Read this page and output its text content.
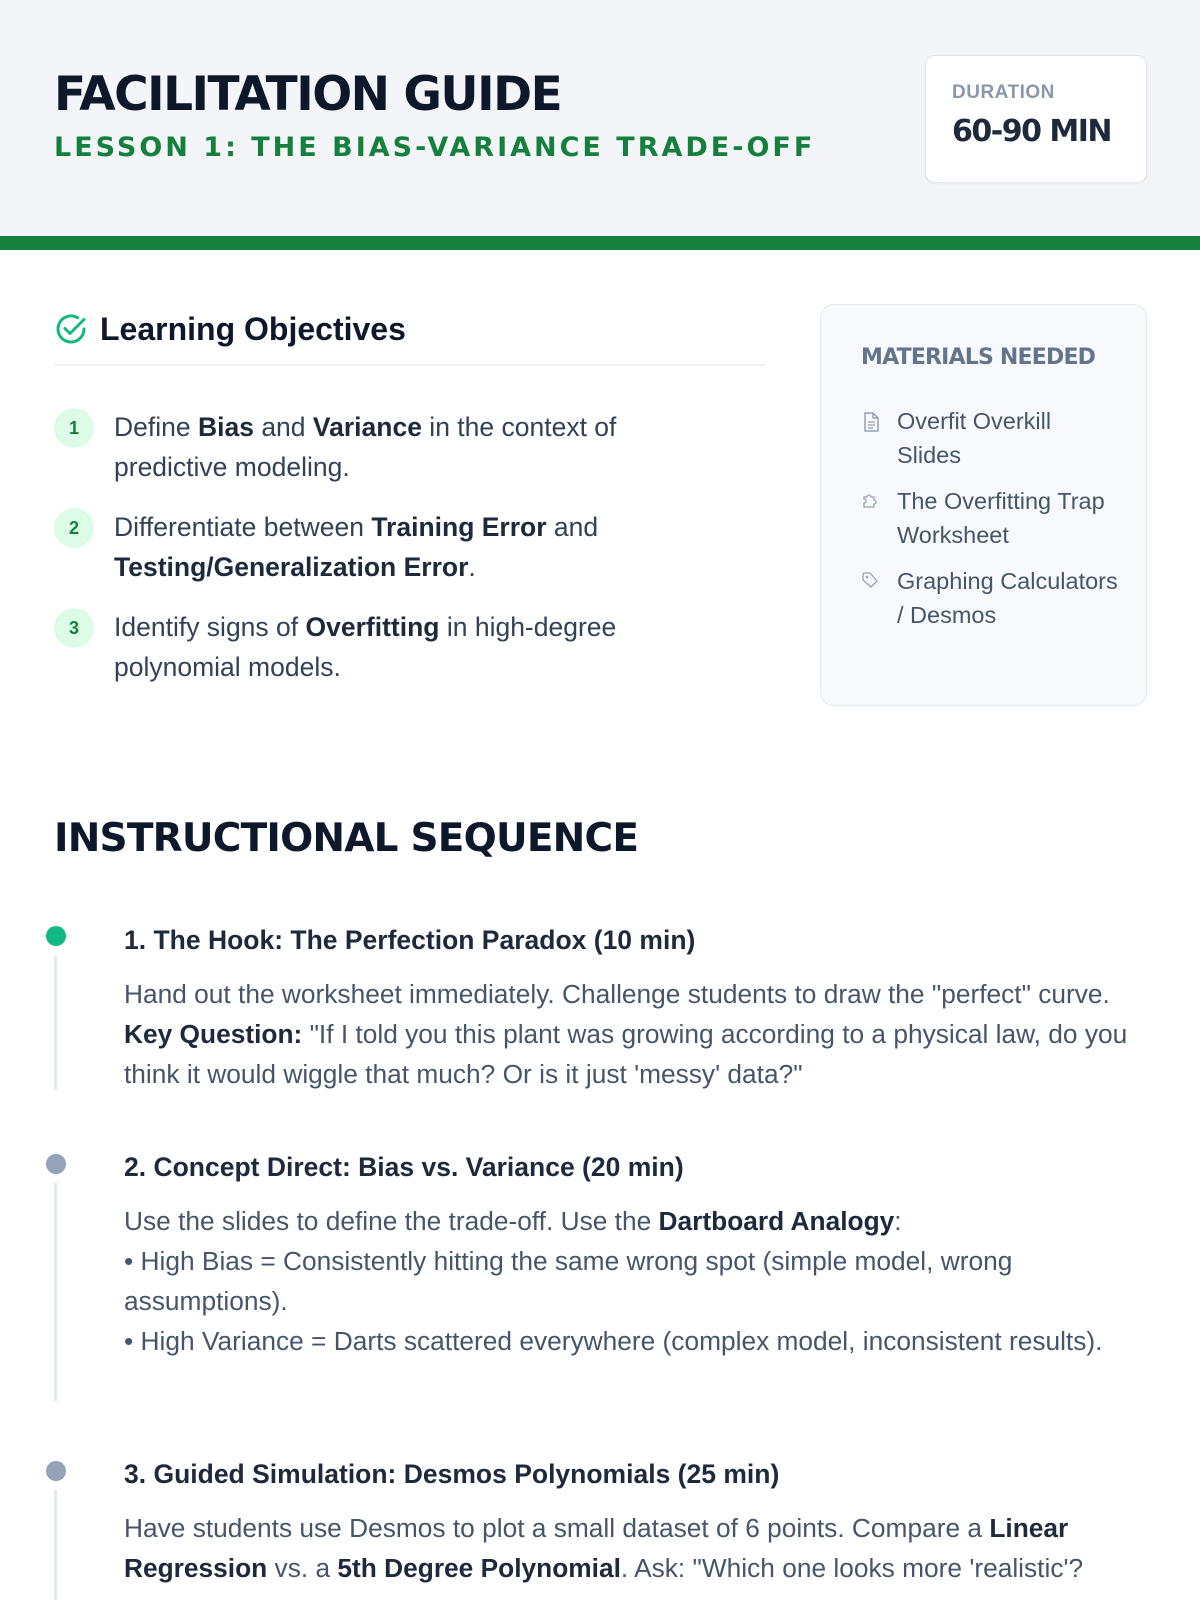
FACILITATION GUIDE
LESSON 1: THE BIAS-VARIANCE TRADE-OFF
DURATION
60-90 MIN
Learning Objectives
1	Define Bias and Variance in the context of predictive modeling.
2	Differentiate between Training Error and Testing/Generalization Error.
3	Identify signs of Overfitting in high-degree polynomial models.
MATERIALS NEEDED
Overfit Overkill Slides
The Overfitting Trap Worksheet
Graphing Calculators / Desmos
INSTRUCTIONAL SEQUENCE
1. The Hook: The Perfection Paradox (10 min)
Hand out the worksheet immediately. Challenge students to draw the "perfect" curve. Key Question: "If I told you this plant was growing according to a physical law, do you think it would wiggle that much? Or is it just 'messy' data?"
2. Concept Direct: Bias vs. Variance (20 min)
Use the slides to define the trade-off. Use the Dartboard Analogy:
• High Bias = Consistently hitting the same wrong spot (simple model, wrong assumptions).
• High Variance = Darts scattered everywhere (complex model, inconsistent results).
3. Guided Simulation: Desmos Polynomials (25 min)
Have students use Desmos to plot a small dataset of 6 points. Compare a Linear Regression vs. a 5th Degree Polynomial. Ask: "Which one looks more 'realistic'?
